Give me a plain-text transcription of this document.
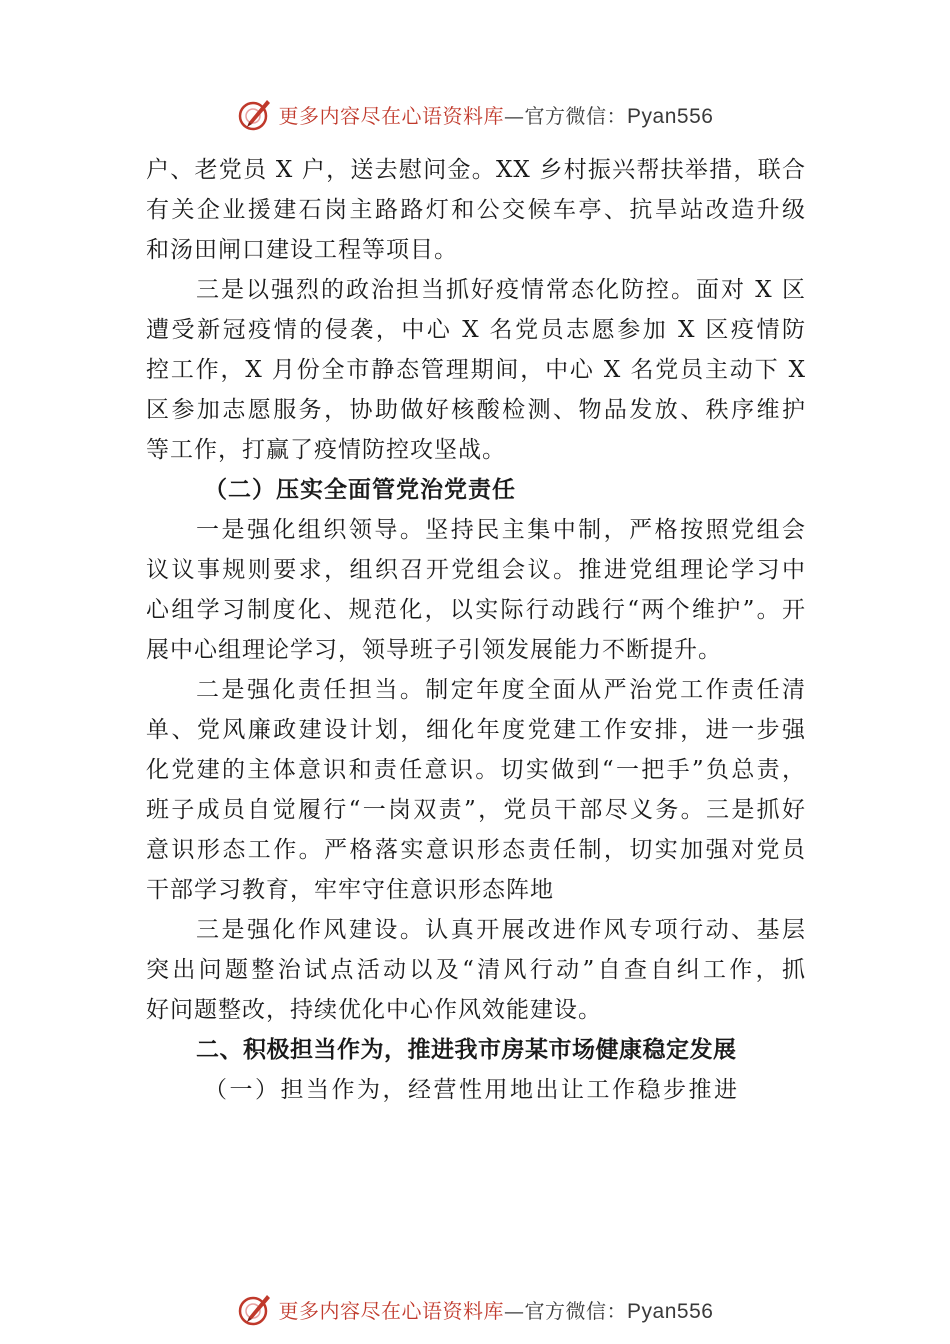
更多内容尽在心语资料库—官方微信：Pyan556
户、老党员 X 户，送去慰问金。XX 乡村振兴帮扶举措，联合
有关企业援建石岗主路路灯和公交候车亭、抗旱站改造升级
和汤田闸口建设工程等项目。
三是以强烈的政治担当抓好疫情常态化防控。面对 X 区
遭受新冠疫情的侵袭，中心 X 名党员志愿参加 X 区疫情防
控工作，X 月份全市静态管理期间，中心 X 名党员主动下 X
区参加志愿服务，协助做好核酸检测、物品发放、秩序维护
等工作，打赢了疫情防控攻坚战。
（二）压实全面管党治党责任
一是强化组织领导。坚持民主集中制，严格按照党组会
议议事规则要求，组织召开党组会议。推进党组理论学习中
心组学习制度化、规范化，以实际行动践行“两个维护”。开
展中心组理论学习，领导班子引领发展能力不断提升。
二是强化责任担当。制定年度全面从严治党工作责任清
单、党风廉政建设计划，细化年度党建工作安排，进一步强
化党建的主体意识和责任意识。切实做到“一把手”负总责，
班子成员自觉履行“一岗双责”，党员干部尽义务。三是抓好
意识形态工作。严格落实意识形态责任制，切实加强对党员
干部学习教育，牢牢守住意识形态阵地
三是强化作风建设。认真开展改进作风专项行动、基层
突出问题整治试点活动以及“清风行动”自查自纠工作，抓
好问题整改，持续优化中心作风效能建设。
二、积极担当作为，推进我市房某市场健康稳定发展
（一）担当作为，经营性用地出让工作稳步推进
更多内容尽在心语资料库—官方微信：Pyan556
